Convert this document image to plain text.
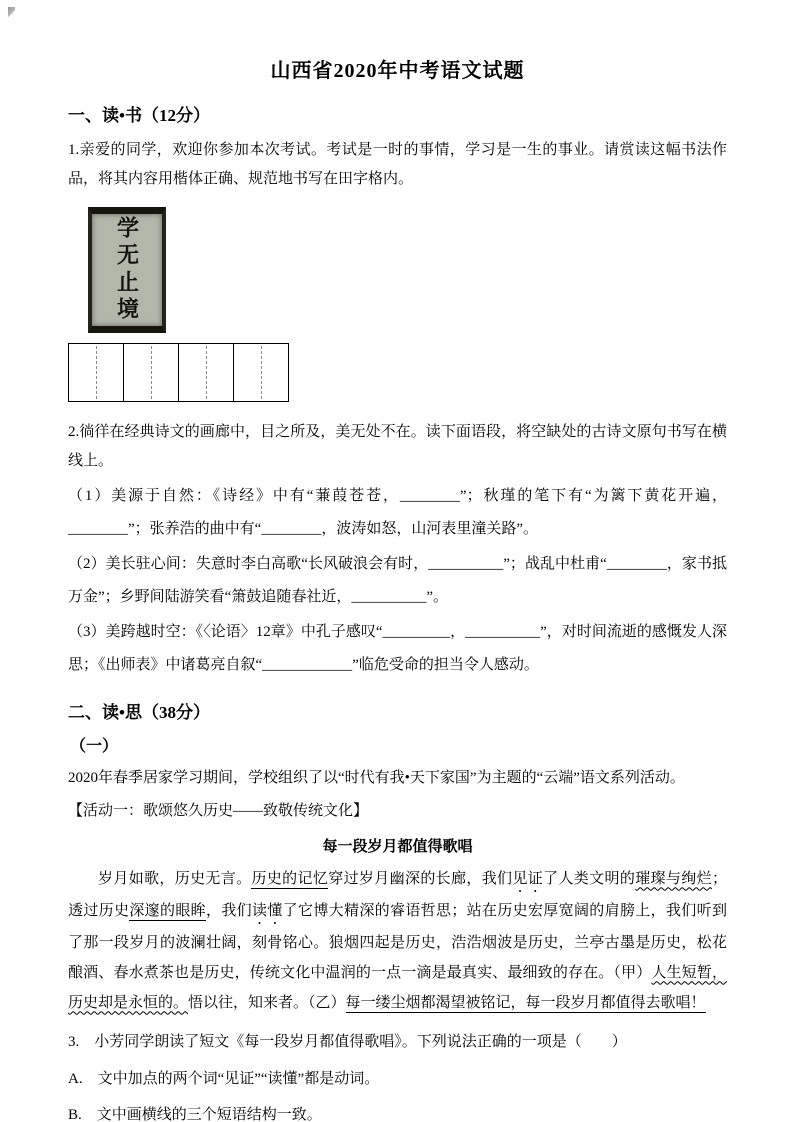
山西省2020年中考语文试题
一、读•书（12分）

1.亲爱的同学，欢迎你参加本次考试。考试是一时的事情，学习是一生的事业。请赏读这幅书法作品，将其内容用楷体正确、规范地书写在田字格内。

学无止境

2.徜徉在经典诗文的画廊中，目之所及，美无处不在。读下面语段，将空缺处的古诗文原句书写在横线上。

（1）美源于自然：《诗经》中有“蒹葭苍苍，________”；秋瑾的笔下有“为篱下黄花开遍，________”；张养浩的曲中有“________，波涛如怒，山河表里潼关路”。

（2）美长驻心间：失意时李白高歌“长风破浪会有时，__________”；战乱中杜甫“________，家书抵万金”；乡野间陆游笑看“箫鼓追随春社近，__________”。

（3）美跨越时空：《〈论语〉12章》中孔子感叹“_________，__________”，对时间流逝的感慨发人深思；《出师表》中诸葛亮自叙“____________”临危受命的担当令人感动。

二、读•思（38分）
（一）

2020年春季居家学习期间，学校组织了以“时代有我•天下家国”为主题的“云端”语文系列活动。

【活动一：歌颂悠久历史——致敬传统文化】

每一段岁月都值得歌唱

岁月如歌，历史无言。历史的记忆穿过岁月幽深的长廊，我们见证了人类文明的璀璨与绚烂；透过历史深邃的眼眸，我们读懂了它博大精深的睿语哲思；站在历史宏厚宽阔的肩膀上，我们听到了那一段岁月的波澜壮阔，刻骨铭心。狼烟四起是历史，浩浩烟波是历史，兰亭古墨是历史，松花酿酒、春水煮茶也是历史，传统文化中温润的一点一滴是最真实、最细致的存在。（甲）人生短暂，历史却是永恒的。悟以往，知来者。（乙）每一缕尘烟都渴望被铭记，每一段岁月都值得去歌唱！

3.　小芳同学朗读了短文《每一段岁月都值得歌唱》。下列说法正确的一项是（　　）

A.　文中加点的两个词“见证”“读懂”都是动词。

B.　文中画横线的三个短语结构一致。
